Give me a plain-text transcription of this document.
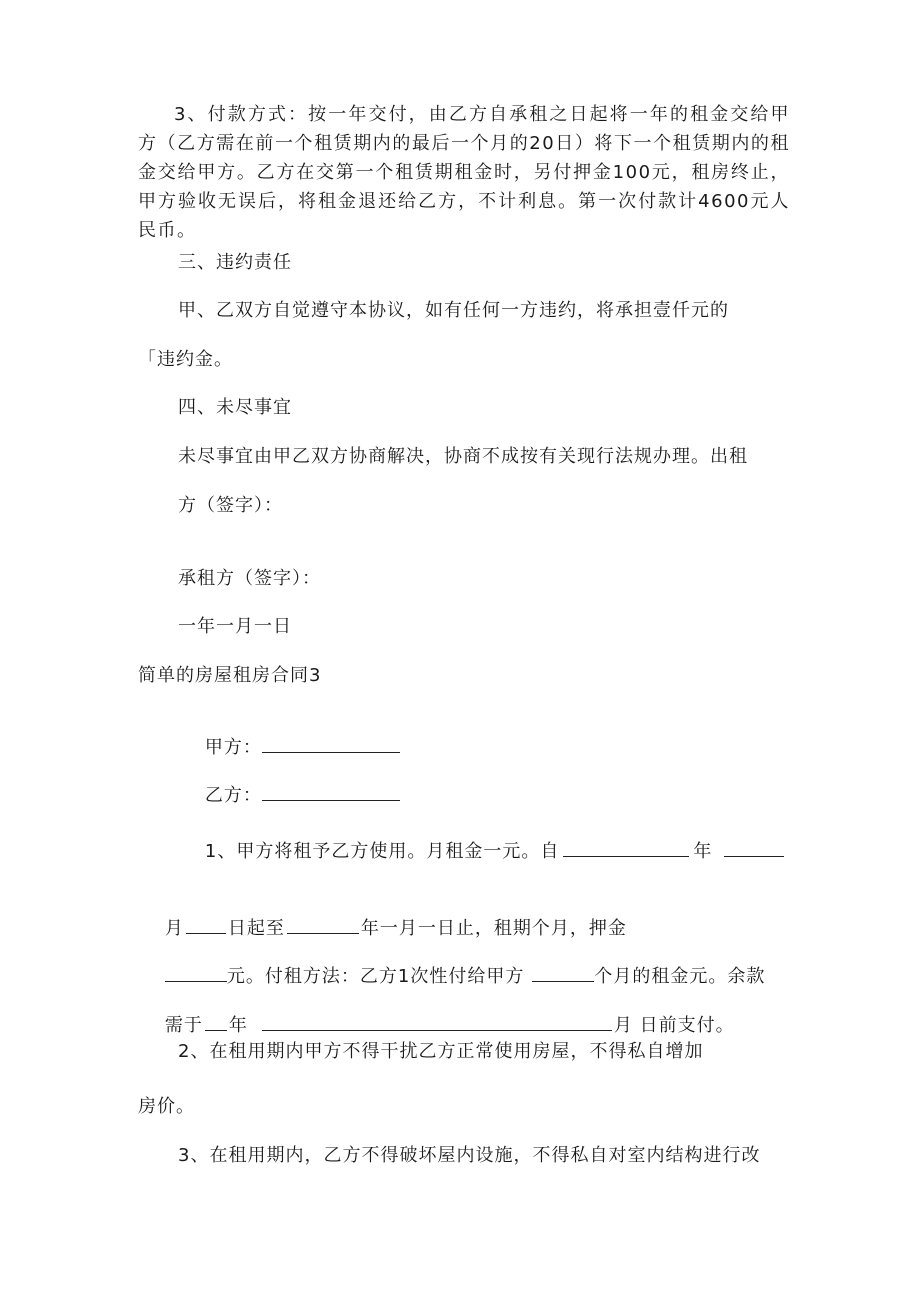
3、付款方式：按一年交付，由乙方自承租之日起将一年的租金交给甲方（乙方需在前一个租赁期内的最后一个月的20日）将下一个租赁期内的租金交给甲方。乙方在交第一个租赁期租金时，另付押金100元，租房终止，甲方验收无误后，将租金退还给乙方，不计利息。第一次付款计4600元人民币。

三、违约责任
甲、乙双方自觉遵守本协议，如有任何一方违约，将承担壹仟元的
「违约金。
四、未尽事宜
未尽事宜由甲乙双方协商解决，协商不成按有关现行法规办理。出租
方（签字）：
承租方（签字）：
一年一月一日
简单的房屋租房合同3

甲方：

乙方：

1、甲方将租予乙方使用。月租金一元。自	年

月 日起至	年一月一日止，租期个月，押金

元。付租方法：乙方1次性付给甲方	个月的租金元。余款

需于 年	月 日前支付。

2、在租用期内甲方不得干扰乙方正常使用房屋，不得私自增加
房价。
3、在租用期内，乙方不得破坏屋内设施，不得私自对室内结构进行改
